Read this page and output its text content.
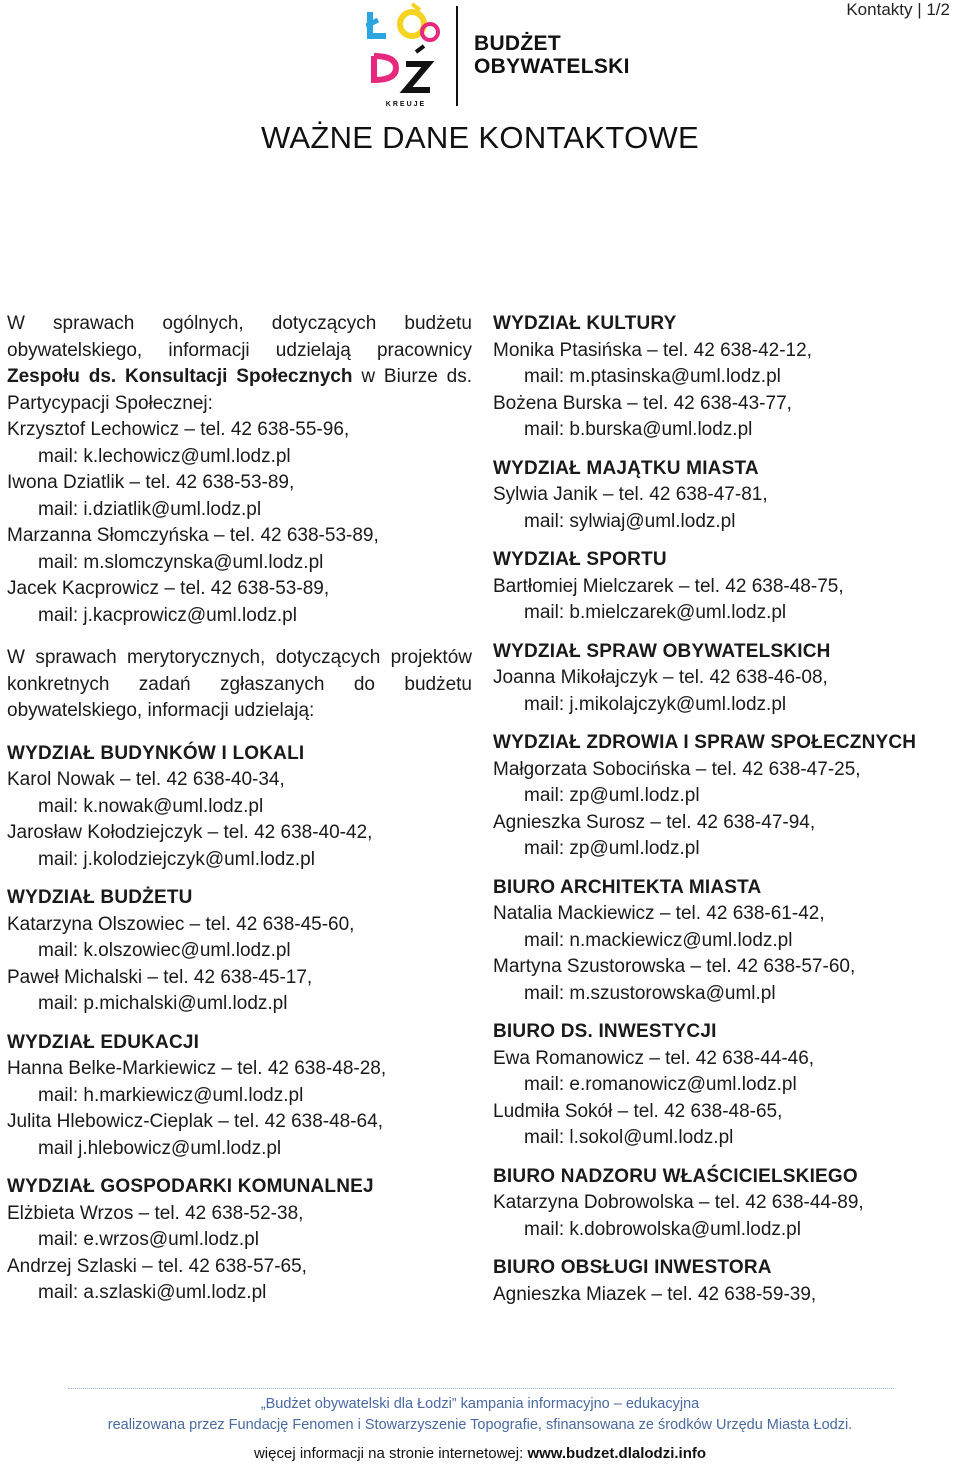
Kontakty | 1/2
KREUJE
BUDŻET
OBYWATELSKI
WAŻNE DANE KONTAKTOWE

W sprawach ogólnych, dotyczących budżetu obywatelskiego, informacji udzielają pracownicy Zespołu ds. Konsultacji Społecznych w Biurze ds. Partycypacji Społecznej:

Krzysztof Lechowicz – tel. 42 638-55-96,
mail: k.lechowicz@uml.lodz.pl
Iwona Dziatlik – tel. 42 638-53-89,
mail: i.dziatlik@uml.lodz.pl
Marzanna Słomczyńska – tel. 42 638-53-89,
mail: m.slomczynska@uml.lodz.pl
Jacek Kacprowicz – tel. 42 638-53-89,
mail: j.kacprowicz@uml.lodz.pl

W sprawach merytorycznych, dotyczących projektów konkretnych zadań zgłaszanych do budżetu obywatelskiego, informacji udzielają:

WYDZIAŁ BUDYNKÓW I LOKALI
Karol Nowak – tel. 42 638-40-34,
mail: k.nowak@uml.lodz.pl
Jarosław Kołodziejczyk – tel. 42 638-40-42,
mail: j.kolodziejczyk@uml.lodz.pl
WYDZIAŁ BUDŻETU
Katarzyna Olszowiec – tel. 42 638-45-60,
mail: k.olszowiec@uml.lodz.pl
Paweł Michalski – tel. 42 638-45-17,
mail: p.michalski@uml.lodz.pl
WYDZIAŁ EDUKACJI
Hanna Belke-Markiewicz – tel. 42 638-48-28,
mail: h.markiewicz@uml.lodz.pl
Julita Hlebowicz-Cieplak – tel. 42 638-48-64,
mail j.hlebowicz@uml.lodz.pl
WYDZIAŁ GOSPODARKI KOMUNALNEJ
Elżbieta Wrzos – tel. 42 638-52-38,
mail: e.wrzos@uml.lodz.pl
Andrzej Szlaski – tel. 42 638-57-65,
mail: a.szlaski@uml.lodz.pl
WYDZIAŁ KULTURY
Monika Ptasińska – tel. 42 638-42-12,
mail: m.ptasinska@uml.lodz.pl
Bożena Burska – tel. 42 638-43-77,
mail: b.burska@uml.lodz.pl
WYDZIAŁ MAJĄTKU MIASTA
Sylwia Janik – tel. 42 638-47-81,
mail: sylwiaj@uml.lodz.pl
WYDZIAŁ SPORTU
Bartłomiej Mielczarek – tel. 42 638-48-75,
mail: b.mielczarek@uml.lodz.pl
WYDZIAŁ SPRAW OBYWATELSKICH
Joanna Mikołajczyk – tel. 42 638-46-08,
mail: j.mikolajczyk@uml.lodz.pl
WYDZIAŁ ZDROWIA I SPRAW SPOŁECZNYCH
Małgorzata Sobocińska – tel. 42 638-47-25,
mail: zp@uml.lodz.pl
Agnieszka Surosz – tel. 42 638-47-94,
mail: zp@uml.lodz.pl
BIURO ARCHITEKTA MIASTA
Natalia Mackiewicz – tel. 42 638-61-42,
mail: n.mackiewicz@uml.lodz.pl
Martyna Szustorowska – tel. 42 638-57-60,
mail: m.szustorowska@uml.pl
BIURO DS. INWESTYCJI
Ewa Romanowicz – tel. 42 638-44-46,
mail: e.romanowicz@uml.lodz.pl
Ludmiła Sokół – tel. 42 638-48-65,
mail: l.sokol@uml.lodz.pl
BIURO NADZORU WŁAŚCICIELSKIEGO
Katarzyna Dobrowolska – tel. 42 638-44-89,
mail: k.dobrowolska@uml.lodz.pl
BIURO OBSŁUGI INWESTORA
Agnieszka Miazek – tel. 42 638-59-39,
„Budżet obywatelski dla Łodzi” kampania informacyjno – edukacyjna
realizowana przez Fundację Fenomen i Stowarzyszenie Topografie, sfinansowana ze środków Urzędu Miasta Łodzi.
więcej informacji na stronie internetowej: www.budzet.dlalodzi.info
